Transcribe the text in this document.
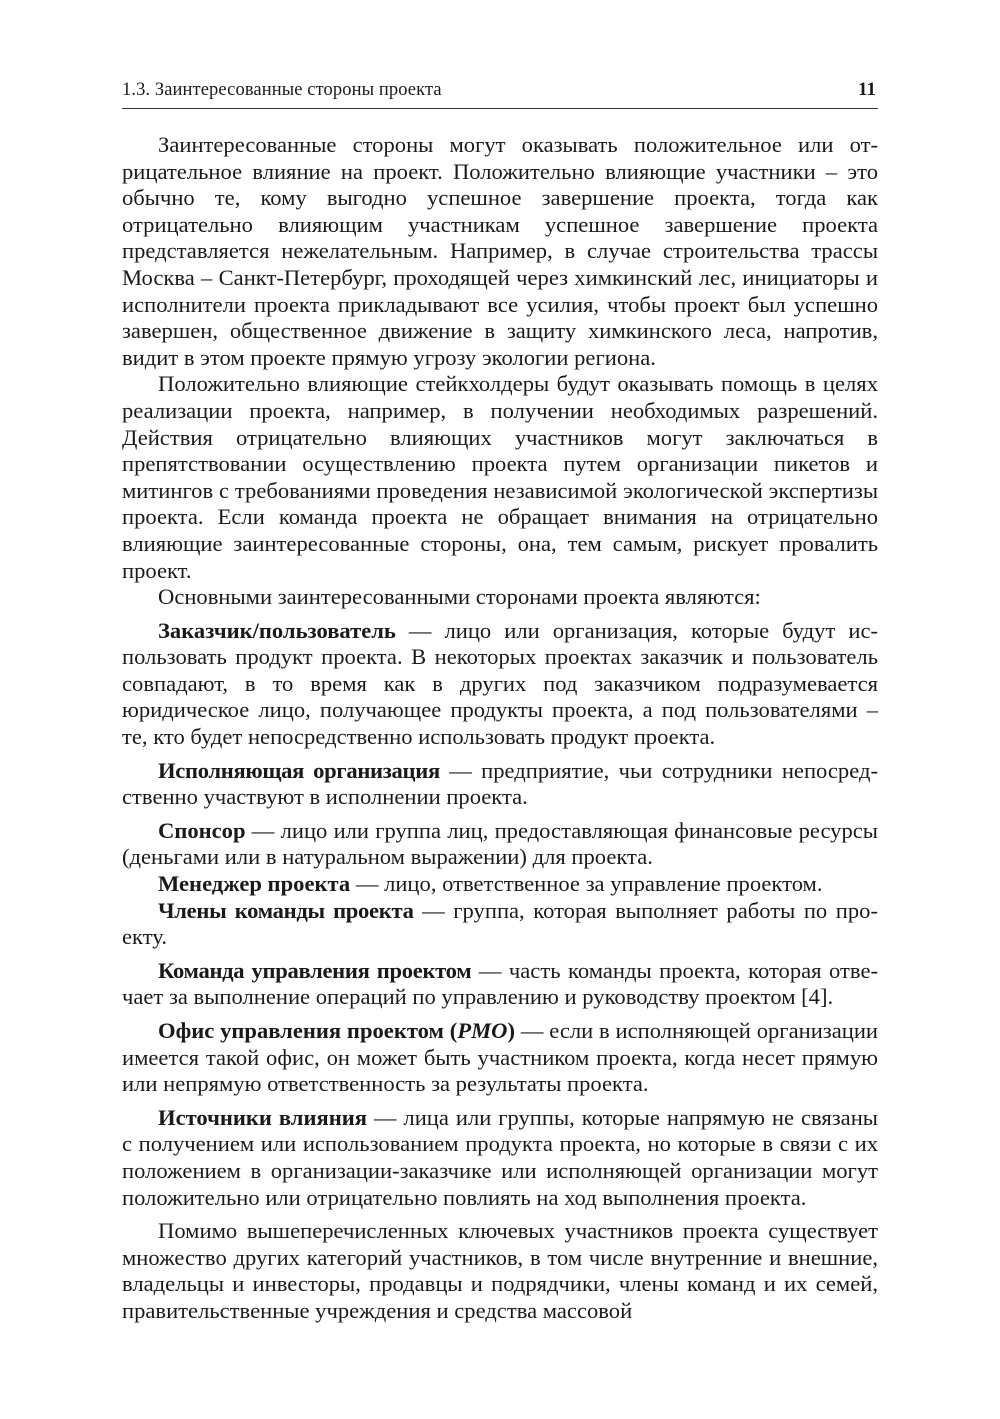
1.3. Заинтересованные стороны проекта	11

Заинтересованные стороны могут оказывать положительное или отрицательное влияние на проект. Положительно влияющие участники – это обычно те, кому выгодно успешное завершение проекта, тогда как отрицательно влияющим участникам успешное завершение проекта представляется нежелательным. Например, в случае строительства трассы Москва – Санкт-Петербург, проходящей через химкинский лес, инициаторы и исполнители проекта прикладывают все усилия, чтобы проект был успешно завершен, общественное движение в защиту химкинского леса, напротив, видит в этом проекте прямую угрозу экологии региона.

Положительно влияющие стейкхолдеры будут оказывать помощь в целях реализации проекта, например, в получении необходимых разрешений. Действия отрицательно влияющих участников могут заключаться в препятствовании осуществлению проекта путем организации пикетов и митингов с требованиями проведения независимой экологической экспертизы проекта. Если команда проекта не обращает внимания на отрицательно влияющие заинтересованные стороны, она, тем самым, рискует провалить проект.

Основными заинтересованными сторонами проекта являются:

Заказчик/пользователь — лицо или организация, которые будут использовать продукт проекта. В некоторых проектах заказчик и пользователь совпадают, в то время как в других под заказчиком подразумевается юридическое лицо, получающее продукты проекта, а под пользователями – те, кто будет непосредственно использовать продукт проекта.

Исполняющая организация — предприятие, чьи сотрудники непосредственно участвуют в исполнении проекта.

Спонсор — лицо или группа лиц, предоставляющая финансовые ресурсы (деньгами или в натуральном выражении) для проекта.

Менеджер проекта — лицо, ответственное за управление проектом.

Члены команды проекта — группа, которая выполняет работы по проекту.

Команда управления проектом — часть команды проекта, которая отвечает за выполнение операций по управлению и руководству проектом [4].

Офис управления проектом (PMO) — если в исполняющей организации имеется такой офис, он может быть участником проекта, когда несет прямую или непрямую ответственность за результаты проекта.

Источники влияния — лица или группы, которые напрямую не связаны с получением или использованием продукта проекта, но которые в связи с их положением в организации-заказчике или исполняющей организации могут положительно или отрицательно повлиять на ход выполнения проекта.

Помимо вышеперечисленных ключевых участников проекта существует множество других категорий участников, в том числе внутренние и внешние, владельцы и инвесторы, продавцы и подрядчики, члены команд и их семей, правительственные учреждения и средства массовой
